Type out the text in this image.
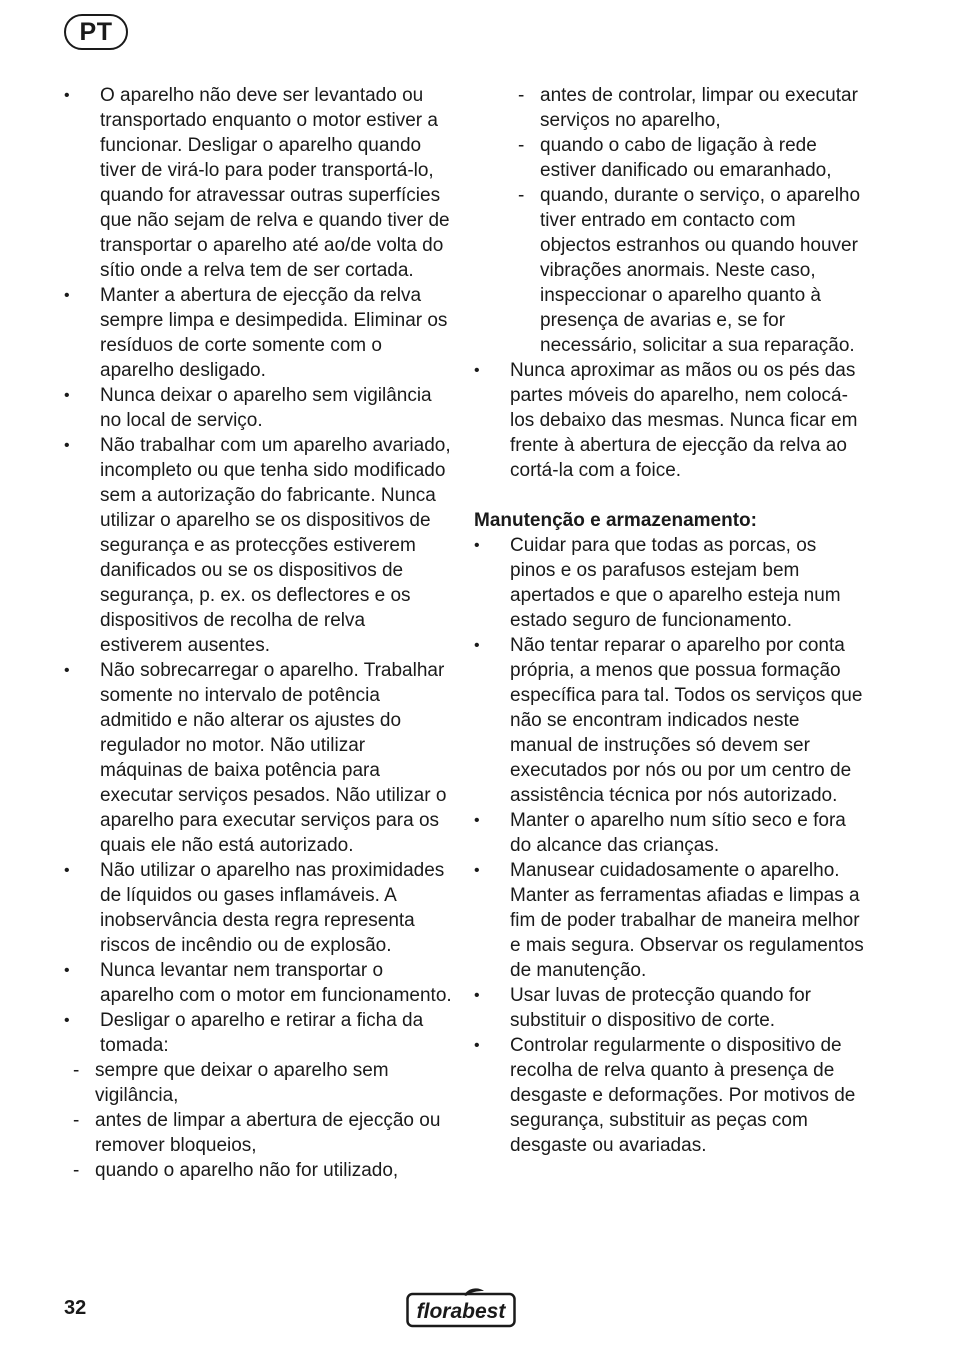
PT
• O aparelho não deve ser levantado ou transportado enquanto o motor estiver a funcionar. Desligar o aparelho quando tiver de virá-lo para poder transportá-lo, quando for atravessar outras superfícies que não sejam de relva e quando tiver de transportar o aparelho até ao/de volta do sítio onde a relva tem de ser cortada.
• Manter a abertura de ejecção da relva sempre limpa e desimpedida. Eliminar os resíduos de corte somente com o aparelho desligado.
• Nunca deixar o aparelho sem vigilância no local de serviço.
• Não trabalhar com um aparelho avariado, incompleto ou que tenha sido modificado sem a autorização do fabricante. Nunca utilizar o aparelho se os dispositivos de segurança e as protecções estiverem danificados ou se os dispositivos de segurança, p. ex. os deflectores e os dispositivos de recolha de relva estiverem ausentes.
• Não sobrecarregar o aparelho. Trabalhar somente no intervalo de potência admitido e não alterar os ajustes do regulador no motor. Não utilizar máquinas de baixa potência para executar serviços pesados. Não utilizar o aparelho para executar serviços para os quais ele não está autorizado.
• Não utilizar o aparelho nas proximidades de líquidos ou gases inflamáveis. A inobservância desta regra representa riscos de incêndio ou de explosão.
• Nunca levantar nem transportar o aparelho com o motor em funcionamento.
• Desligar o aparelho e retirar a ficha da tomada:
- sempre que deixar o aparelho sem vigilância,
- antes de limpar a abertura de ejecção ou remover bloqueios,
- quando o aparelho não for utilizado,
- antes de controlar, limpar ou executar serviços no aparelho,
- quando o cabo de ligação à rede estiver danificado ou emaranhado,
- quando, durante o serviço, o aparelho tiver entrado em contacto com objectos estranhos ou quando houver vibrações anormais. Neste caso, inspeccionar o aparelho quanto à presença de avarias e, se for necessário, solicitar a sua reparação.
• Nunca aproximar as mãos ou os pés das partes móveis do aparelho, nem colocá-los debaixo das mesmas. Nunca ficar em frente à abertura de ejecção da relva ao cortá-la com a foice.
Manutenção e armazenamento:
• Cuidar para que todas as porcas, os pinos e os parafusos estejam bem apertados e que o aparelho esteja num estado seguro de funcionamento.
• Não tentar reparar o aparelho por conta própria, a menos que possua formação específica para tal. Todos os serviços que não se encontram indicados neste manual de instruções só devem ser executados por nós ou por um centro de assistência técnica por nós autorizado.
• Manter o aparelho num sítio seco e fora do alcance das crianças.
• Manusear cuidadosamente o aparelho. Manter as ferramentas afiadas e limpas a fim de poder trabalhar de maneira melhor e mais segura. Observar os regulamentos de manutenção.
• Usar luvas de protecção quando for substituir o dispositivo de corte.
• Controlar regularmente o dispositivo de recolha de relva quanto à presença de desgaste e deformações. Por motivos de segurança, substituir as peças com desgaste ou avariadas.
32	florabest
